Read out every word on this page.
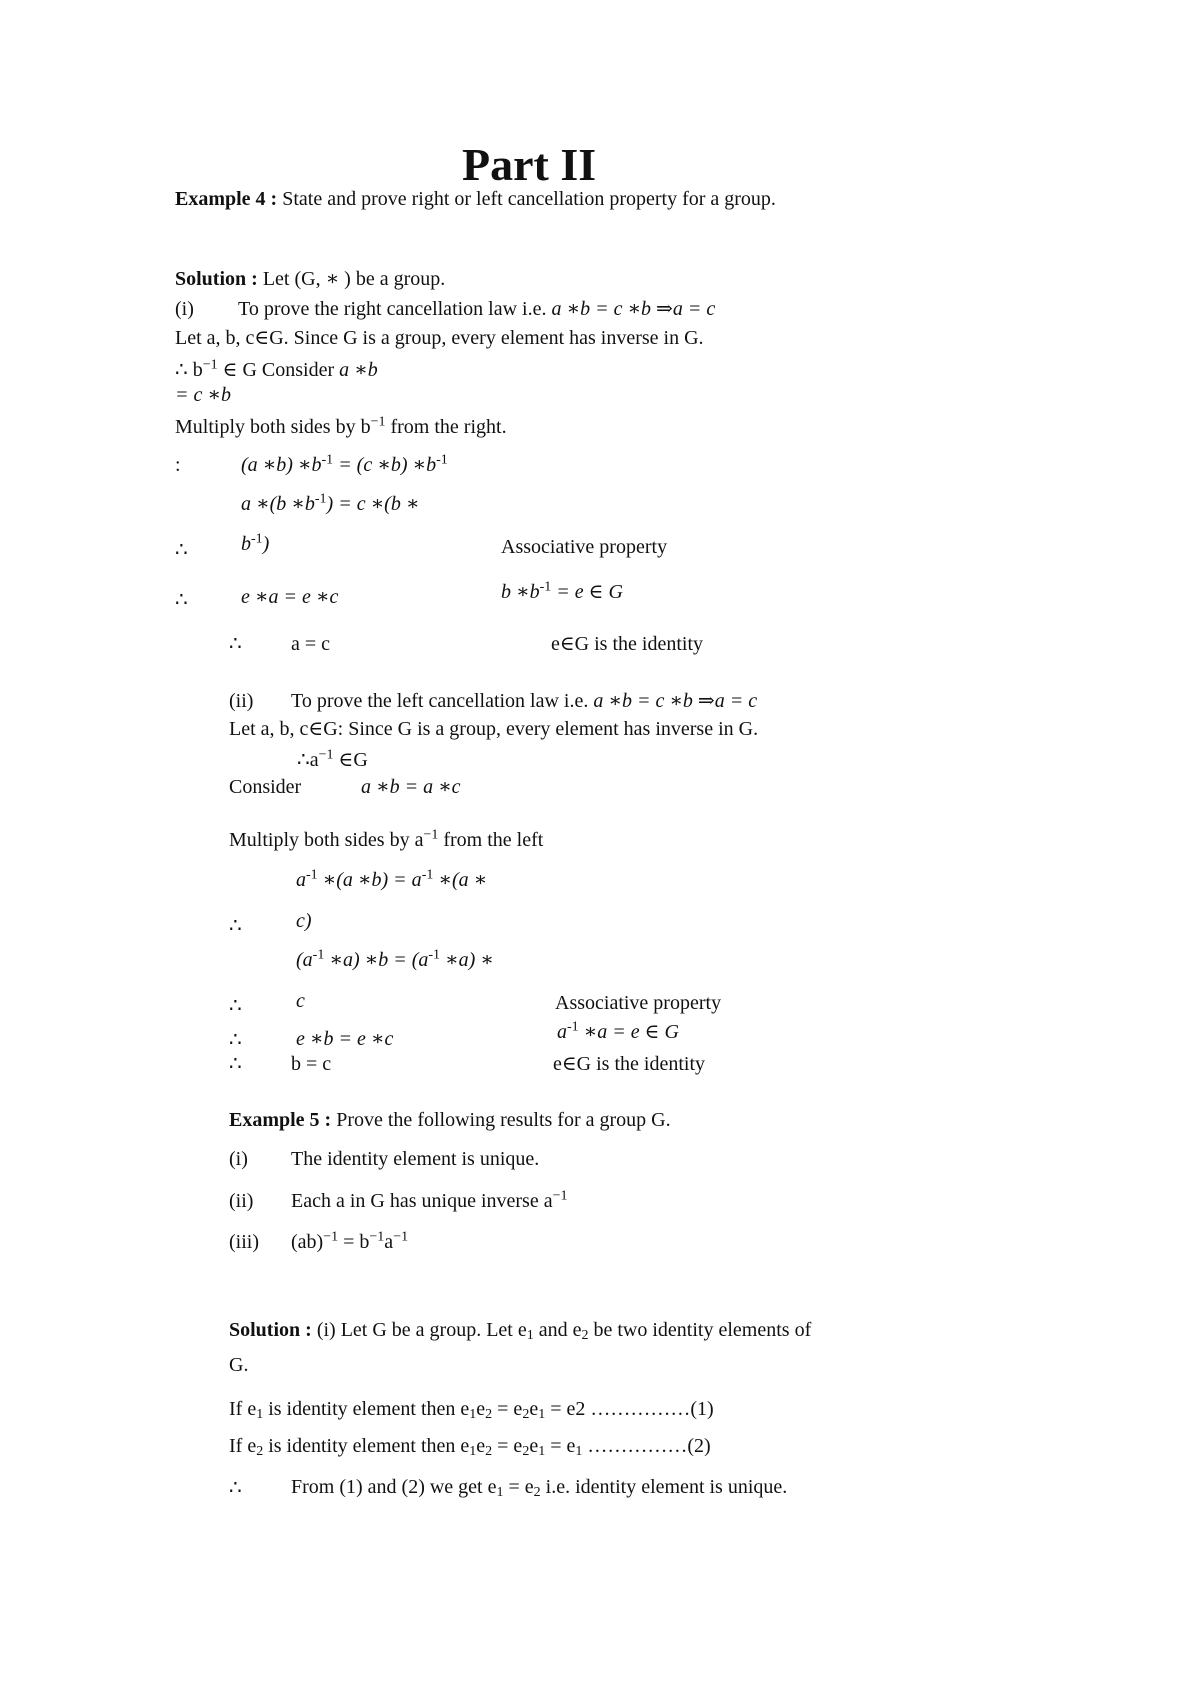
Part II
Example 4 : State and prove right or left cancellation property for a group.
Solution : Let (G, ∗ ) be a group.
(i) To prove the right cancellation law i.e. a ∗b = c ∗b ⇒a = c
Let a, b, c∈G. Since G is a group, every element has inverse in G.
∴ $b^{-1}$ ∈ G Consider a ∗b
= c ∗b
Multiply both sides by $b^{-1}$ from the right.
:	(a ∗b) $∗b^{-1} = (c$ ∗b) $∗b^{-1}$
a ∗(b $∗b^{-1}) = c$ ∗(b ∗
∴	$b^{-1}$)	Associative property
∴	e ∗a = e ∗c	b $∗b^{-1} = e$ ∈ G
∴ a = c	e∈G is the identity
(ii) To prove the left cancellation law i.e. a ∗b = c ∗b ⇒a = c
Let a, b, c∈G: Since G is a group, every element has inverse in G.
$\therefore a^{-1}$ ∈G
Consider	a ∗b = a ∗c
Multiply both sides by $a^{-1}$ from the left
$a^{-1}$ ∗(a ∗b) = $a^{-1}$ ∗(a ∗
∴	c)
($a^{-1}$ ∗a) ∗b = ($a^{-1}$ ∗a) ∗
∴	c	Associative property
∴	e ∗b = e ∗c	$a^{-1}$ ∗a = e ∈ G
∴ b = c	e∈G is the identity
Example 5 : Prove the following results for a group G.
(i) The identity element is unique.
(ii) Each a in G has unique inverse $a^{-1}$
(iii) $(ab)^{-1} = b^{-1}a^{-1}$
Solution : (i) Let G be a group. Let $e_1$ and $e_2$ be two identity elements of
G.
If $e_1$ is identity element then $e_1e_2 = e_2e_1 = e2$ ……………(1)
If $e_2$ is identity element then $e_1e_2 = e_2e_1 = e_1$ ……………(2)
∴ From (1) and (2) we get $e_1 = e_2$ i.e. identity element is unique.
